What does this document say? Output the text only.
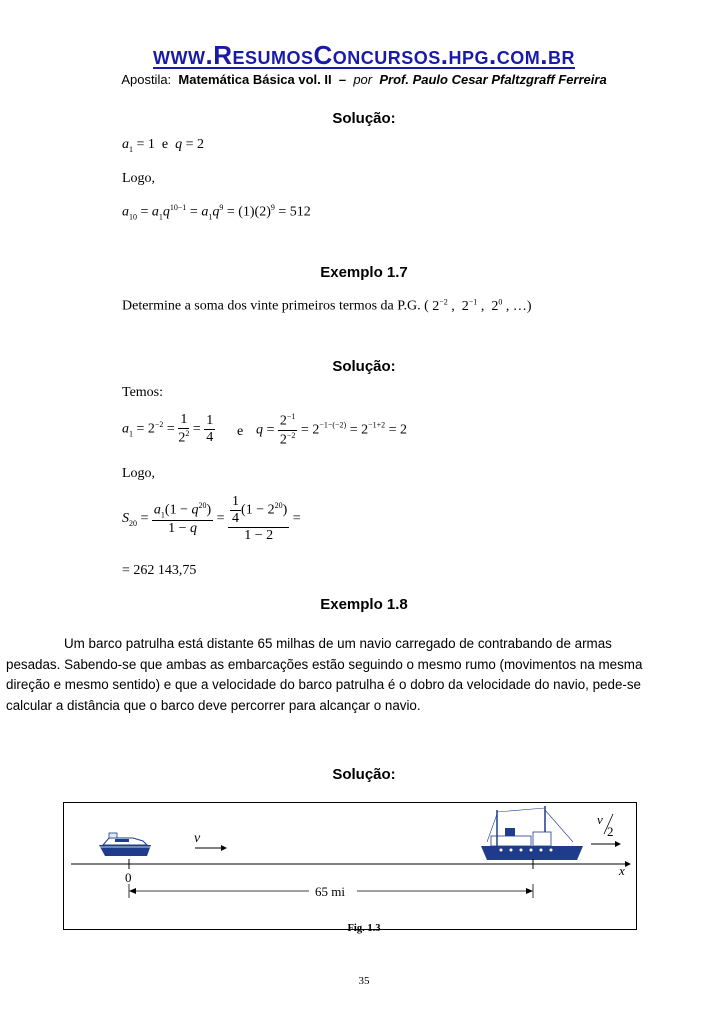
www.ResumosConcursos.hpg.com.br
Apostila: Matemática Básica vol. II – por Prof. Paulo Cesar Pfaltzgraff Ferreira
Solução:
$a_1 = 1$  e  q = 2
Logo,
$a_{10} = a_1q^{10-1} = a_1q^9 = (1)(2)^9 = 512$
Exemplo 1.7
Determine a soma dos vinte primeiros termos da P.G. ( $2^{-2}$ ,  $2^{-1}$ ,  $2^0$ , …)
Solução:
Temos:
$a_1 = 2^{-2} = \frac{1}{2^2} = \frac{1}{4}$ e $q = \frac{2^{-1}}{2^{-2}} = 2^{-1-(-2)} = 2^{-1+2} = 2$
Logo,
$S_{20} = \frac{a_1(1 - q^{20})}{1 - q} = \frac{\frac{1}{4} (1 - 2^{20})}{1 - 2}$ =
= 262 143,75
Exemplo 1.8

Um barco patrulha está distante 65 milhas de um navio carregado de contrabando de armas pesadas. Sabendo-se que ambas as embarcações estão seguindo o mesmo rumo (movimentos na mesma direção e mesmo sentido) e que a velocidade do barco patrulha é o dobro da velocidade do navio, pede-se calcular a distância que o barco deve percorrer para alcançar o navio.

Solução:
v
v
2
x
0
65 mi
Fig. 1.3
35
